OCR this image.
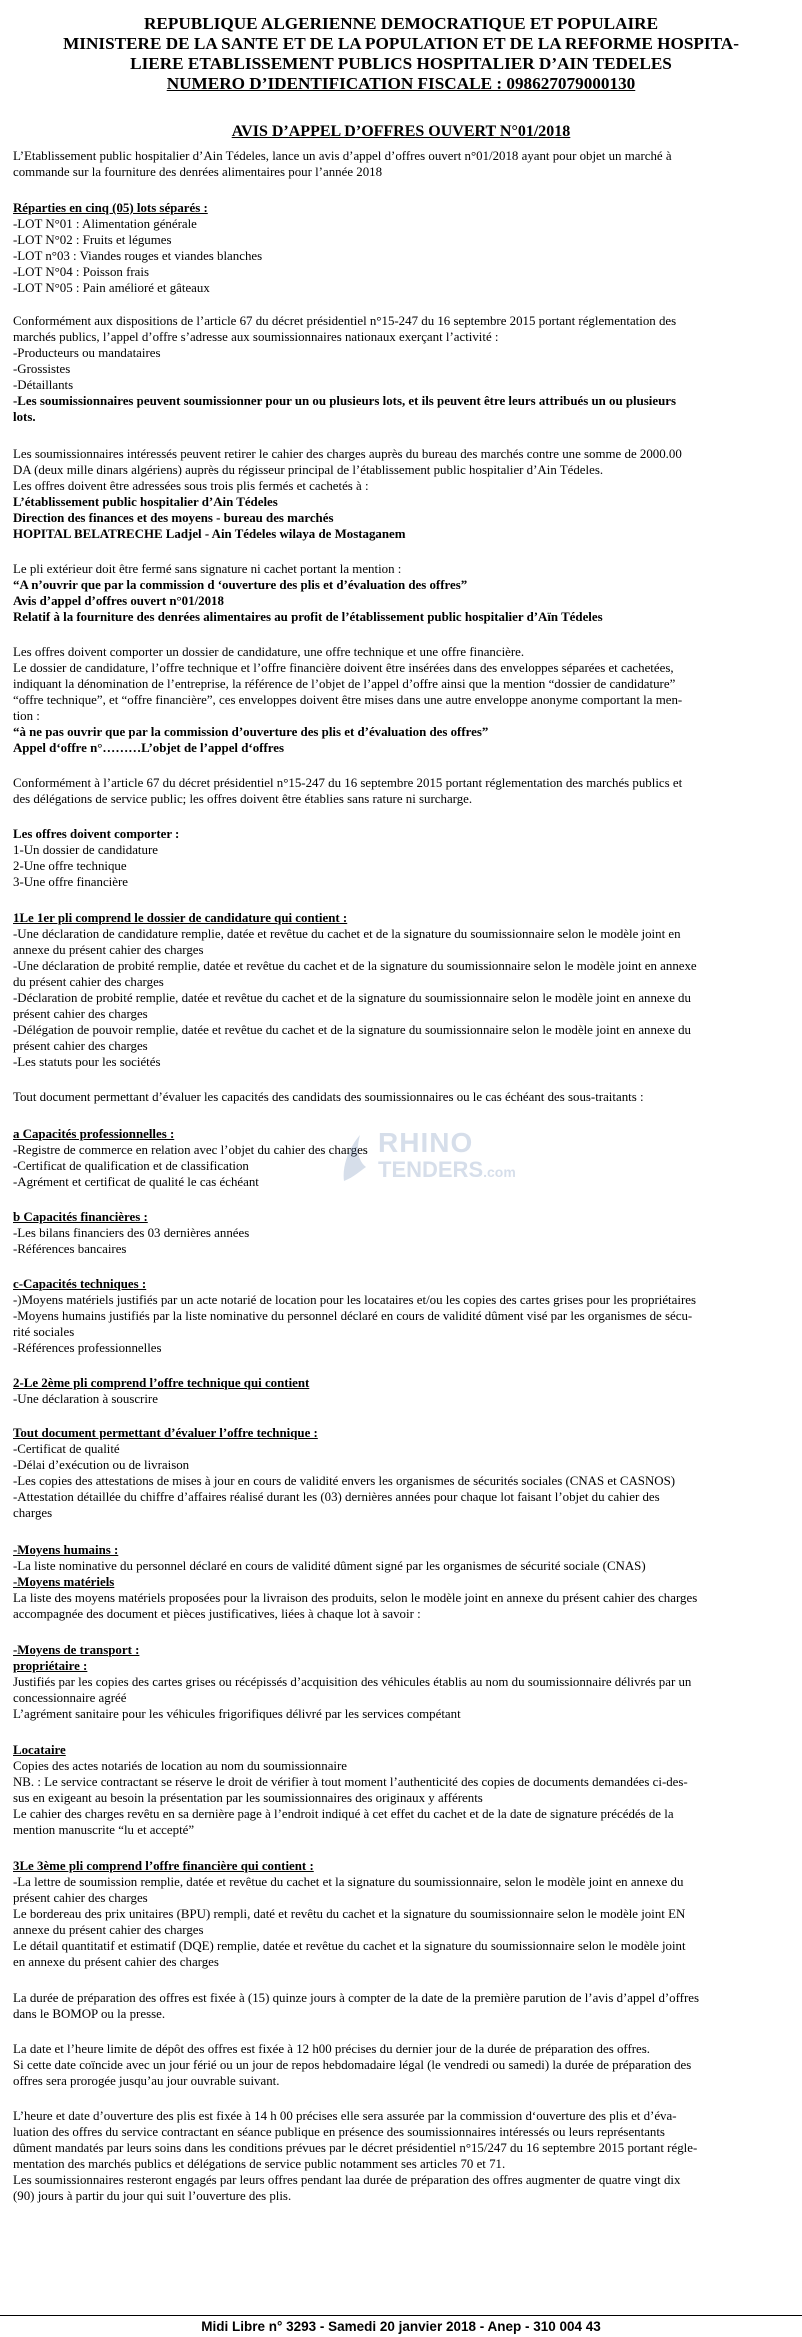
REPUBLIQUE ALGERIENNE DEMOCRATIQUE ET POPULAIRE
MINISTERE DE LA SANTE ET DE LA POPULATION ET DE LA REFORME HOSPITA-
LIERE ETABLISSEMENT PUBLICS HOSPITALIER D’AIN TEDELES
NUMERO D’IDENTIFICATION FISCALE : 098627079000130
AVIS D’APPEL D’OFFRES OUVERT N°01/2018
L’Etablissement public hospitalier d’Ain Tédeles, lance un avis d’appel d’offres ouvert n°01/2018 ayant pour objet un marché à
commande sur la fourniture des denrées alimentaires pour l’année 2018
Réparties en cinq (05) lots séparés :
-LOT N°01 : Alimentation générale
-LOT N°02 : Fruits et légumes
-LOT n°03 : Viandes rouges et viandes blanches
-LOT N°04 : Poisson frais
-LOT N°05 : Pain amélioré et gâteaux
Conformément aux dispositions de l’article 67 du décret présidentiel n°15-247 du 16 septembre 2015 portant réglementation des
marchés publics, l’appel d’offre s’adresse aux soumissionnaires nationaux exerçant l’activité :
-Producteurs ou mandataires
-Grossistes
-Détaillants
-Les soumissionnaires peuvent soumissionner pour un ou plusieurs lots, et ils peuvent être leurs attribués un ou plusieurs
lots.
Les soumissionnaires intéressés peuvent retirer le cahier des charges auprès du bureau des marchés contre une somme de 2000.00
DA (deux mille dinars algériens) auprès du régisseur principal de l’établissement public hospitalier d’Ain Tédeles.
Les offres doivent être adressées sous trois plis fermés et cachetés à :
L’établissement public hospitalier d’Ain Tédeles
Direction des finances et des moyens - bureau des marchés
HOPITAL BELATRECHE Ladjel - Ain Tédeles wilaya de Mostaganem
Le pli extérieur doit être fermé sans signature ni cachet portant la mention :
“A n’ouvrir que par la commission d ‘ouverture des plis et d’évaluation des offres”
Avis d’appel d’offres ouvert n°01/2018
Relatif à la fourniture des denrées alimentaires au profit de l’établissement public hospitalier d’Aïn Tédeles
Les offres doivent comporter un dossier de candidature, une offre technique et une offre financière.
Le dossier de candidature, l’offre technique et l’offre financière doivent être insérées dans des enveloppes séparées et cachetées,
indiquant la dénomination de l’entreprise, la référence de l’objet de l’appel d’offre ainsi que la mention “dossier de candidature”
“offre technique”, et “offre financière”, ces enveloppes doivent être mises dans une autre enveloppe anonyme comportant la men-
tion :
“à ne pas ouvrir que par la commission d’ouverture des plis et d’évaluation des offres”
Appel d‘offre n°………L’objet de l’appel d‘offres
Conformément à l’article 67 du décret présidentiel n°15-247 du 16 septembre 2015 portant réglementation des marchés publics et
des délégations de service public; les offres doivent être établies sans rature ni surcharge.
Les offres doivent comporter :
1-Un dossier de candidature
2-Une offre technique
3-Une offre financière
1Le 1er pli comprend le dossier de candidature qui contient :
-Une déclaration de candidature remplie, datée et revêtue du cachet et de la signature du soumissionnaire selon le modèle joint en
annexe du présent cahier des charges
-Une déclaration de probité remplie, datée et revêtue du cachet et de la signature du soumissionnaire selon le modèle joint en annexe
du présent cahier des charges
-Déclaration de probité remplie, datée et revêtue du cachet et de la signature du soumissionnaire selon le modèle joint en annexe du
présent cahier des charges
-Délégation de pouvoir remplie, datée et revêtue du cachet et de la signature du soumissionnaire selon le modèle joint en annexe du
présent cahier des charges
-Les statuts pour les sociétés
Tout document permettant d’évaluer les capacités des candidats des soumissionnaires ou le cas échéant des sous-traitants :
a Capacités professionnelles :
-Registre de commerce en relation avec l’objet du cahier des charges
-Certificat de qualification et de classification
-Agrément et certificat de qualité le cas échéant
b Capacités financières :
-Les bilans financiers des 03 dernières années
-Références bancaires
c-Capacités techniques :
-)Moyens matériels justifiés par un acte notarié de location pour les locataires et/ou les copies des cartes grises pour les propriétaires
-Moyens humains justifiés par la liste nominative du personnel déclaré en cours de validité dûment visé par les organismes de sécu-
rité sociales
-Références professionnelles
2-Le 2ème pli comprend l’offre technique qui contient
-Une déclaration à souscrire
Tout document permettant d’évaluer l’offre technique :
-Certificat de qualité
-Délai d’exécution ou de livraison
-Les copies des attestations de mises à jour en cours de validité envers les organismes de sécurités sociales (CNAS et CASNOS)
-Attestation détaillée du chiffre d’affaires réalisé durant les (03) dernières années pour chaque lot faisant l’objet du cahier des
charges
-Moyens humains :
-La liste nominative du personnel déclaré en cours de validité dûment signé par les organismes de sécurité sociale (CNAS)
-Moyens matériels
La liste des moyens matériels proposées pour la livraison des produits, selon le modèle joint en annexe du présent cahier des charges
accompagnée des document et pièces justificatives, liées à chaque lot à savoir :
-Moyens de transport :
propriétaire :
Justifiés par les copies des cartes grises ou récépissés d’acquisition des véhicules établis au nom du soumissionnaire délivrés par un
concessionnaire agréé
L’agrément sanitaire pour les véhicules frigorifiques délivré par les services compétant
Locataire
Copies des actes notariés de location au nom du soumissionnaire
NB. : Le service contractant se réserve le droit de vérifier à tout moment l’authenticité des copies de documents demandées ci-des-
sus en exigeant au besoin la présentation par les soumissionnaires des originaux y afférents
Le cahier des charges revêtu en sa dernière page à l’endroit indiqué à cet effet du cachet et de la date de signature précédés de la
mention manuscrite “lu et accepté”
3Le 3ème pli comprend l’offre financière qui contient :
-La lettre de soumission remplie, datée et revêtue du cachet et la signature du soumissionnaire, selon le modèle joint en annexe du
présent cahier des charges
Le bordereau des prix unitaires (BPU) rempli, daté et revêtu du cachet et la signature du soumissionnaire selon le modèle joint EN
annexe du présent cahier des charges
Le détail quantitatif et estimatif (DQE) remplie, datée et revêtue du cachet et la signature du soumissionnaire selon le modèle joint
en annexe du présent cahier des charges
La durée de préparation des offres est fixée à (15) quinze jours à compter de la date de la première parution de l’avis d’appel d’offres
dans le BOMOP ou la presse.
La date et l’heure limite de dépôt des offres est fixée à 12 h00 précises du dernier jour de la durée de préparation des offres.
Si cette date coïncide avec un jour férié ou un jour de repos hebdomadaire légal (le vendredi ou samedi) la durée de préparation des
offres sera prorogée jusqu’au jour ouvrable suivant.
L’heure et date d’ouverture des plis est fixée à 14 h 00 précises elle sera assurée par la commission d‘ouverture des plis et d’éva-
luation des offres du service contractant en séance publique en présence des soumissionnaires intéressés ou leurs représentants
dûment mandatés par leurs soins dans les conditions prévues par le décret présidentiel n°15/247 du 16 septembre 2015 portant régle-
mentation des marchés publics et délégations de service public notamment ses articles 70 et 71.
Les soumissionnaires resteront engagés par leurs offres pendant laa durée de préparation des offres augmenter de quatre vingt dix
(90) jours à partir du jour qui suit l’ouverture des plis.
RHINO
TENDERS.com
Midi Libre n° 3293 - Samedi 20 janvier 2018 - Anep - 310 004 43
